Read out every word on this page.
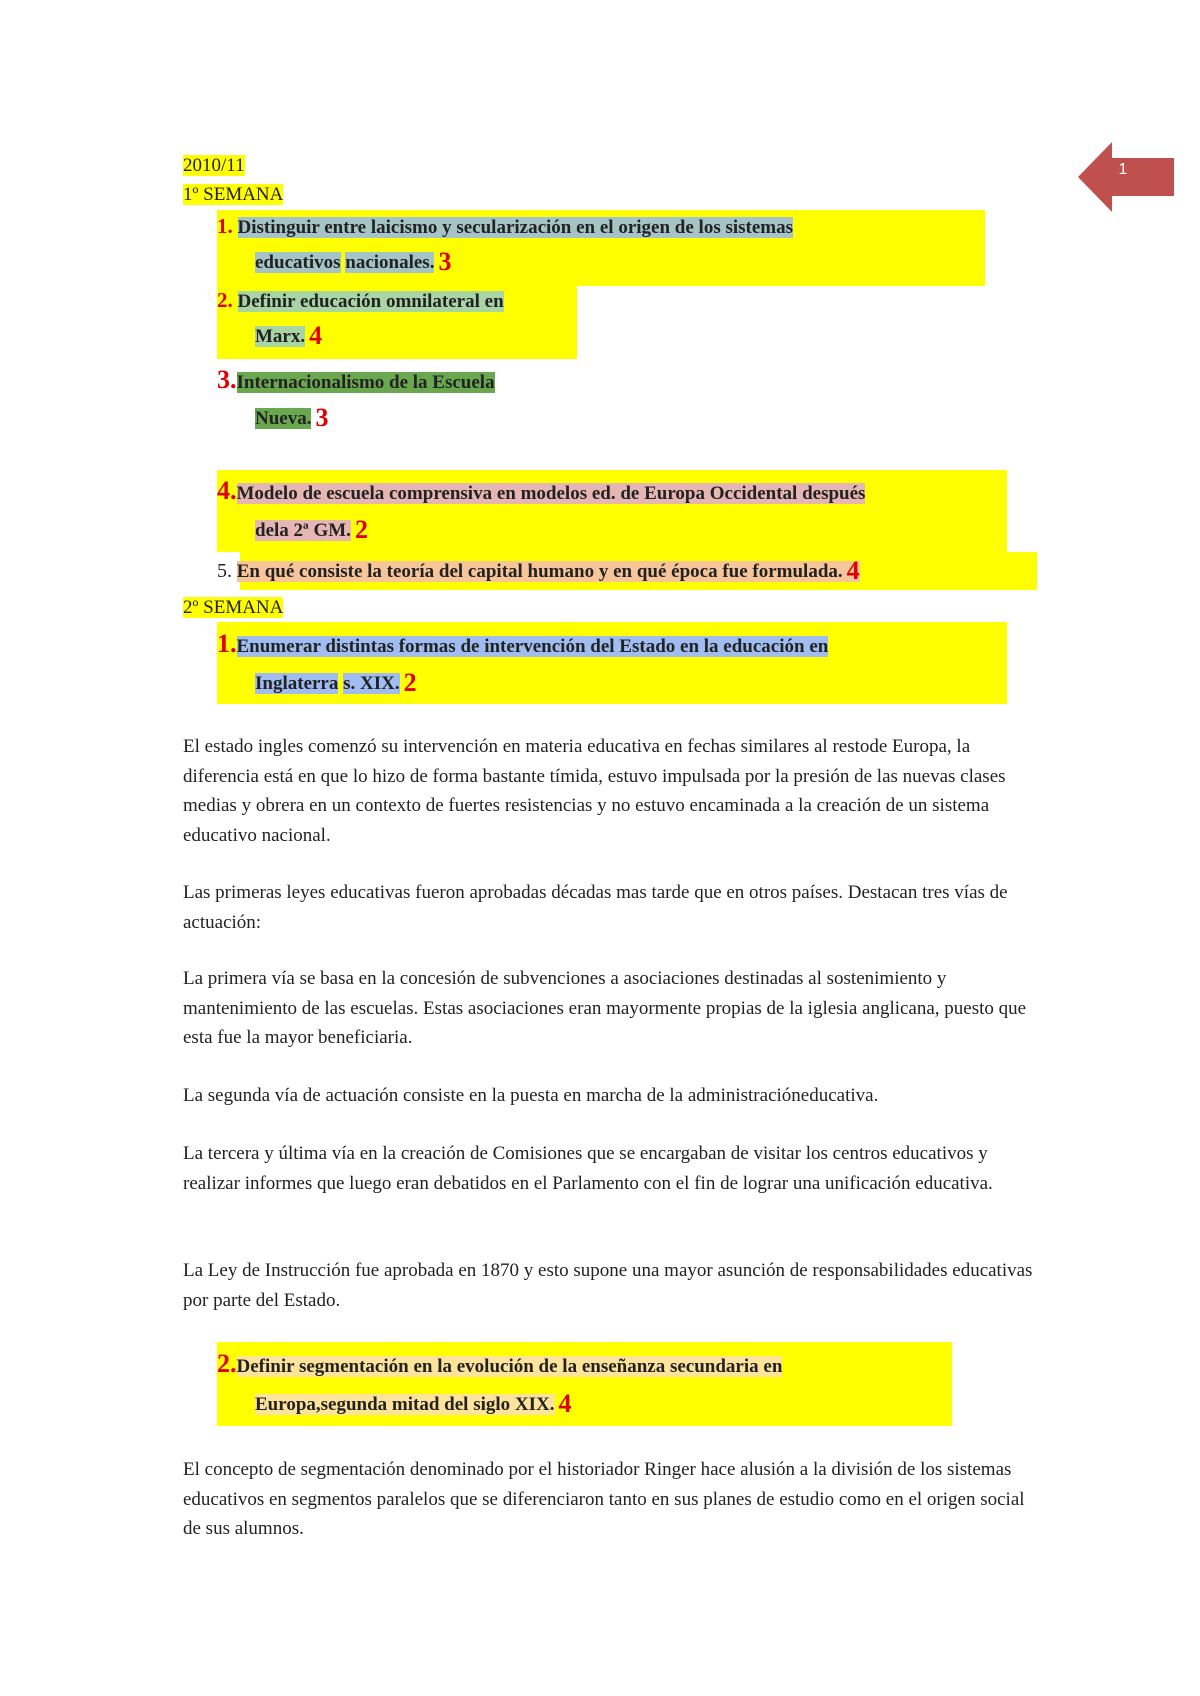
1
2010/11
1º SEMANA
1. Distinguir entre laicismo y secularización en el origen de los sistemas
educativos nacionales. 3
2. Definir educación omnilateral en
Marx. 4
3.Internacionalismo de la Escuela
Nueva. 3
4.Modelo de escuela comprensiva en modelos ed. de Europa Occidental después
dela 2ª GM. 2
5. En qué consiste la teoría del capital humano y en qué época fue formulada. 4
2º SEMANA
1.Enumerar distintas formas de intervención del Estado en la educación en
Inglaterra s. XIX. 2

El estado ingles comenzó su intervención en materia educativa en fechas similares al restode Europa, la diferencia está en que lo hizo de forma bastante tímida, estuvo impulsada por la presión de las nuevas clases medias y obrera en un contexto de fuertes resistencias y no estuvo encaminada a la creación de un sistema educativo nacional.

Las primeras leyes educativas fueron aprobadas décadas mas tarde que en otros países. Destacan tres vías de actuación:

La primera vía se basa en la concesión de subvenciones a asociaciones destinadas al sostenimiento y mantenimiento de las escuelas. Estas asociaciones eran mayormente propias de la iglesia anglicana, puesto que esta fue la mayor beneficiaria.

La segunda vía de actuación consiste en la puesta en marcha de la administracióneducativa.

La tercera y última vía en la creación de Comisiones que se encargaban de visitar los centros educativos y realizar informes que luego eran debatidos en el Parlamento con el fin de lograr una unificación educativa.

La Ley de Instrucción fue aprobada en 1870 y esto supone una mayor asunción de responsabilidades educativas por parte del Estado.

2.Definir segmentación en la evolución de la enseñanza secundaria en
Europa,segunda mitad del siglo XIX. 4

El concepto de segmentación denominado por el historiador Ringer hace alusión a la división de los sistemas educativos en segmentos paralelos que se diferenciaron tanto en sus planes de estudio como en el origen social de sus alumnos.
